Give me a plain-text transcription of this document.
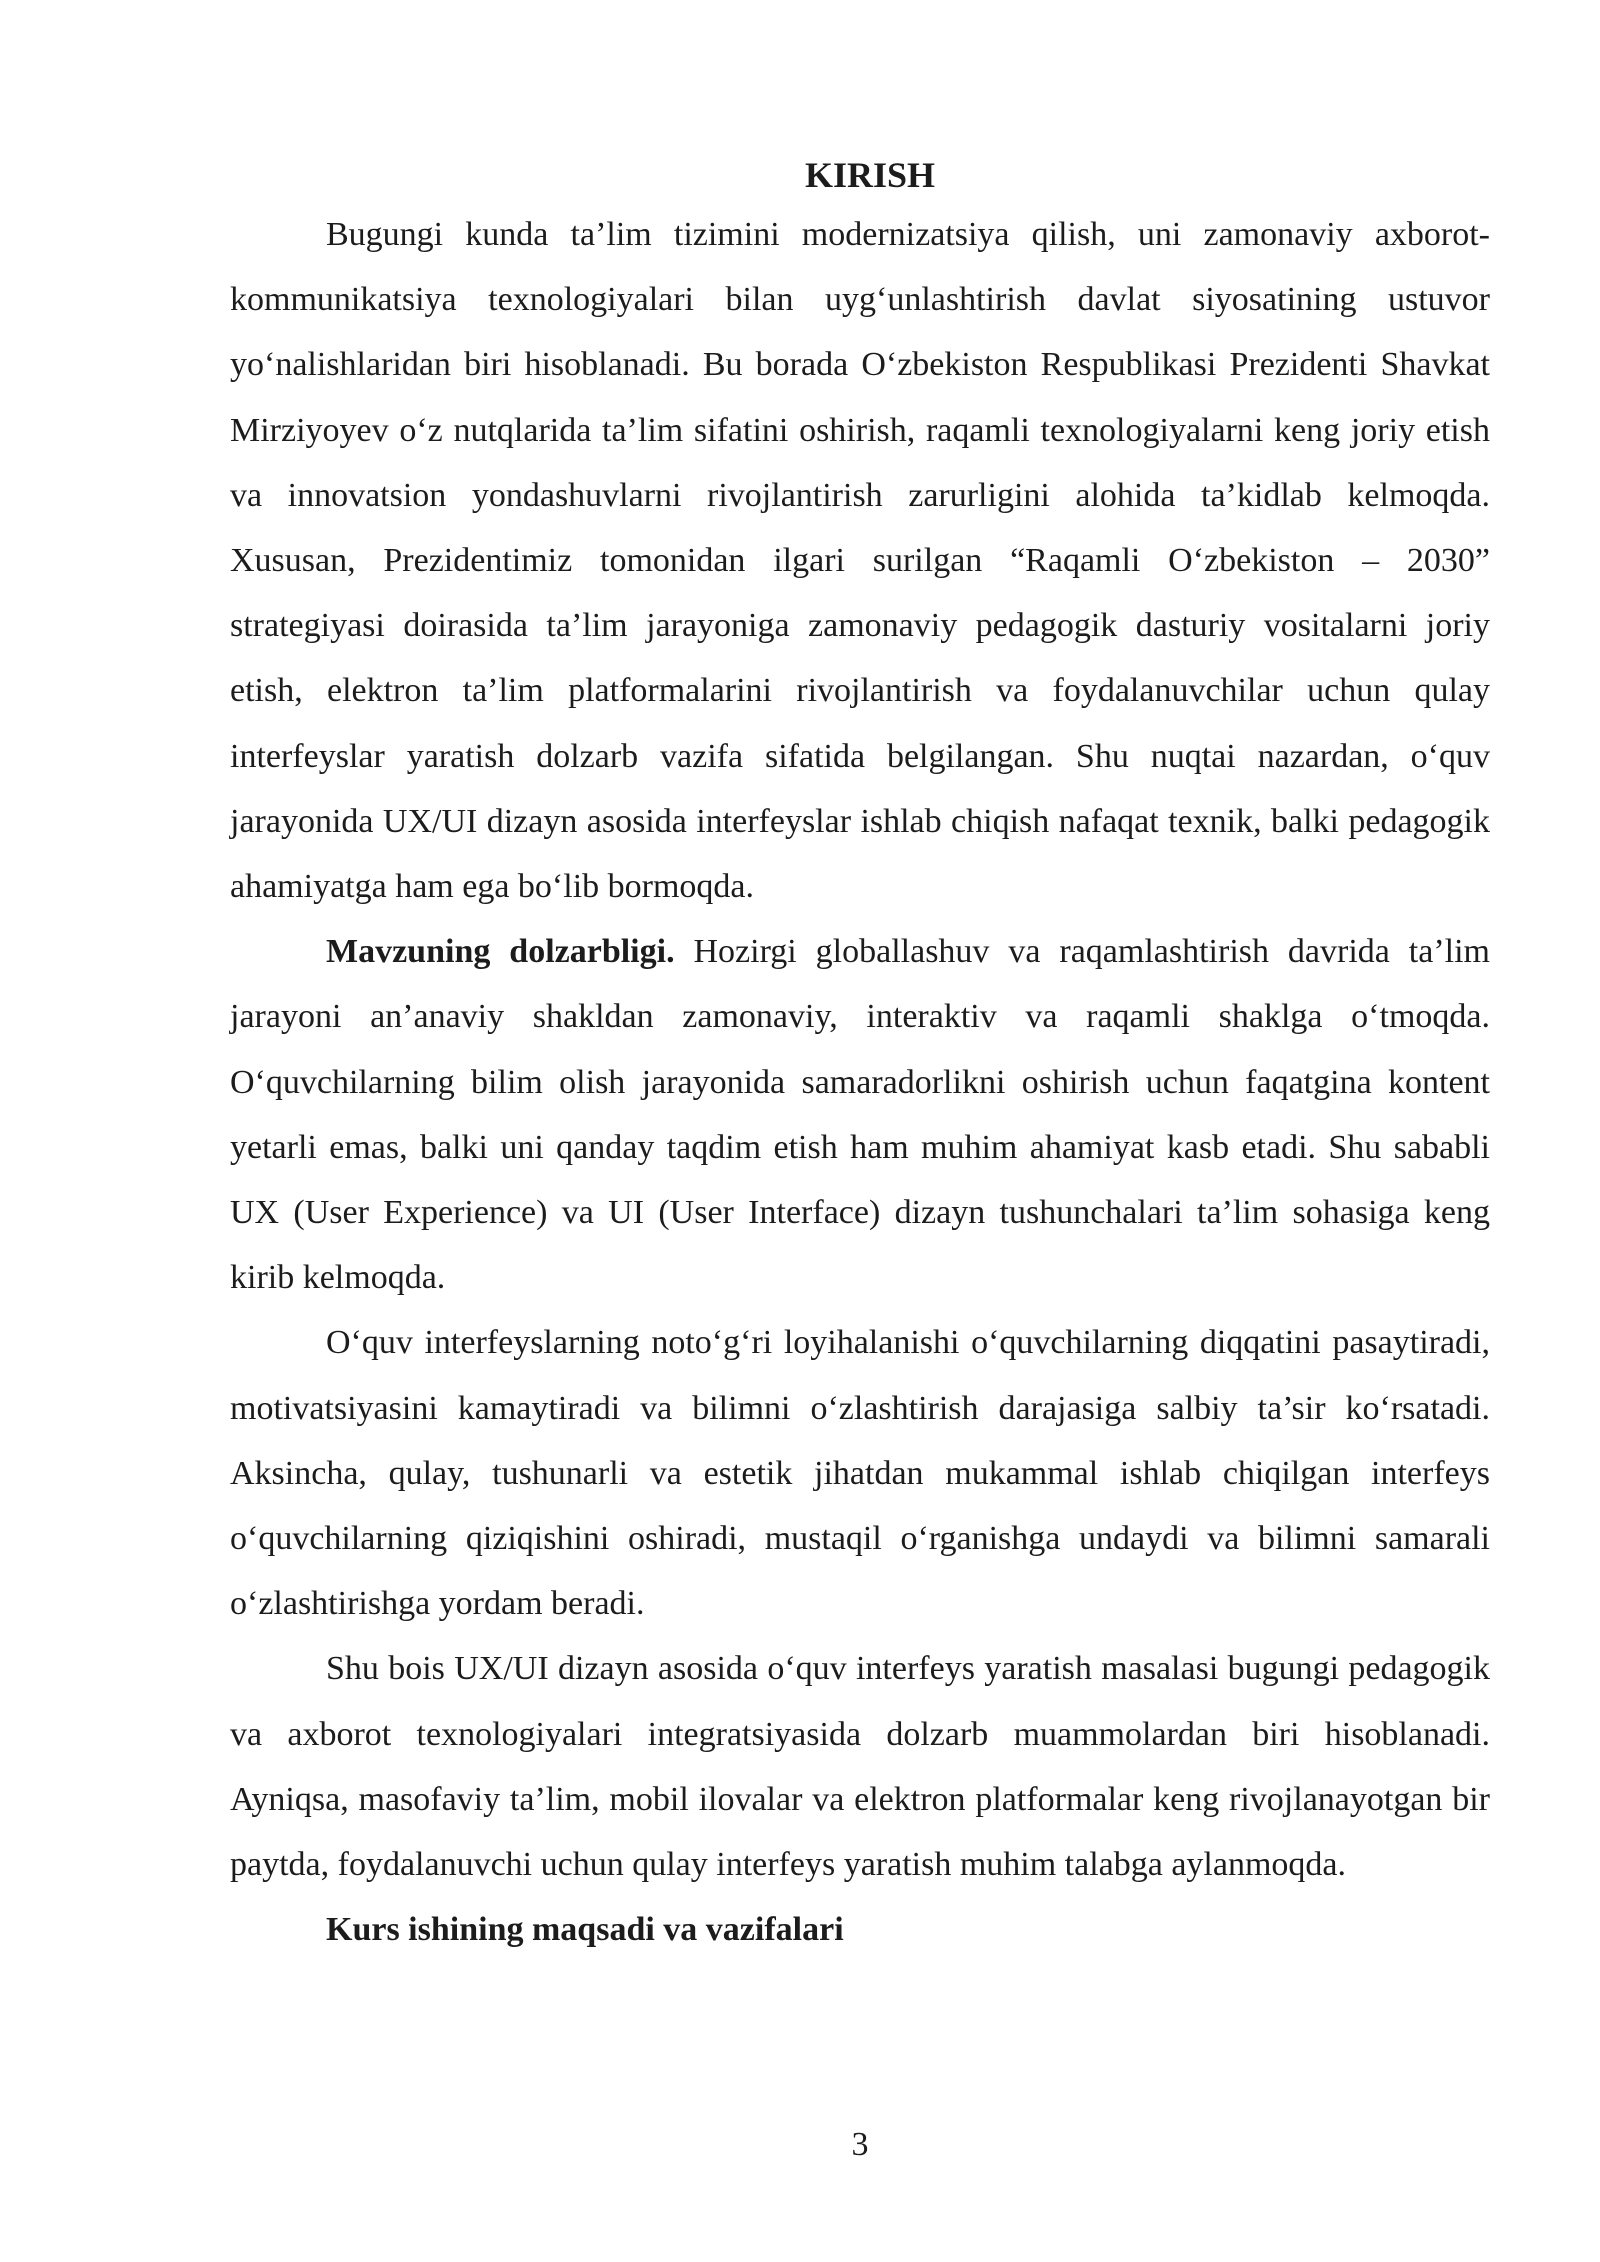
KIRISH

Bugungi kunda ta’lim tizimini modernizatsiya qilish, uni zamonaviy axborot-kommunikatsiya texnologiyalari bilan uyg‘unlashtirish davlat siyosatining ustuvor yo‘nalishlaridan biri hisoblanadi. Bu borada O‘zbekiston Respublikasi Prezidenti Shavkat Mirziyoyev o‘z nutqlarida ta’lim sifatini oshirish, raqamli texnologiyalarni keng joriy etish va innovatsion yondashuvlarni rivojlantirish zarurligini alohida ta’kidlab kelmoqda. Xususan, Prezidentimiz tomonidan ilgari surilgan “Raqamli O‘zbekiston – 2030” strategiyasi doirasida ta’lim jarayoniga zamonaviy pedagogik dasturiy vositalarni joriy etish, elektron ta’lim platformalarini rivojlantirish va foydalanuvchilar uchun qulay interfeyslar yaratish dolzarb vazifa sifatida belgilangan. Shu nuqtai nazardan, o‘quv jarayonida UX/UI dizayn asosida interfeyslar ishlab chiqish nafaqat texnik, balki pedagogik ahamiyatga ham ega bo‘lib bormoqda.

Mavzuning dolzarbligi. Hozirgi globallashuv va raqamlashtirish davrida ta’lim jarayoni an’anaviy shakldan zamonaviy, interaktiv va raqamli shaklga o‘tmoqda. O‘quvchilarning bilim olish jarayonida samaradorlikni oshirish uchun faqatgina kontent yetarli emas, balki uni qanday taqdim etish ham muhim ahamiyat kasb etadi. Shu sababli UX (User Experience) va UI (User Interface) dizayn tushunchalari ta’lim sohasiga keng kirib kelmoqda.

O‘quv interfeyslarning noto‘g‘ri loyihalanishi o‘quvchilarning diqqatini pasaytiradi, motivatsiyasini kamaytiradi va bilimni o‘zlashtirish darajasiga salbiy ta’sir ko‘rsatadi. Aksincha, qulay, tushunarli va estetik jihatdan mukammal ishlab chiqilgan interfeys o‘quvchilarning qiziqishini oshiradi, mustaqil o‘rganishga undaydi va bilimni samarali o‘zlashtirishga yordam beradi.

Shu bois UX/UI dizayn asosida o‘quv interfeys yaratish masalasi bugungi pedagogik va axborot texnologiyalari integratsiyasida dolzarb muammolardan biri hisoblanadi. Ayniqsa, masofaviy ta’lim, mobil ilovalar va elektron platformalar keng rivojlanayotgan bir paytda, foydalanuvchi uchun qulay interfeys yaratish muhim talabga aylanmoqda.

Kurs ishining maqsadi va vazifalari

3
